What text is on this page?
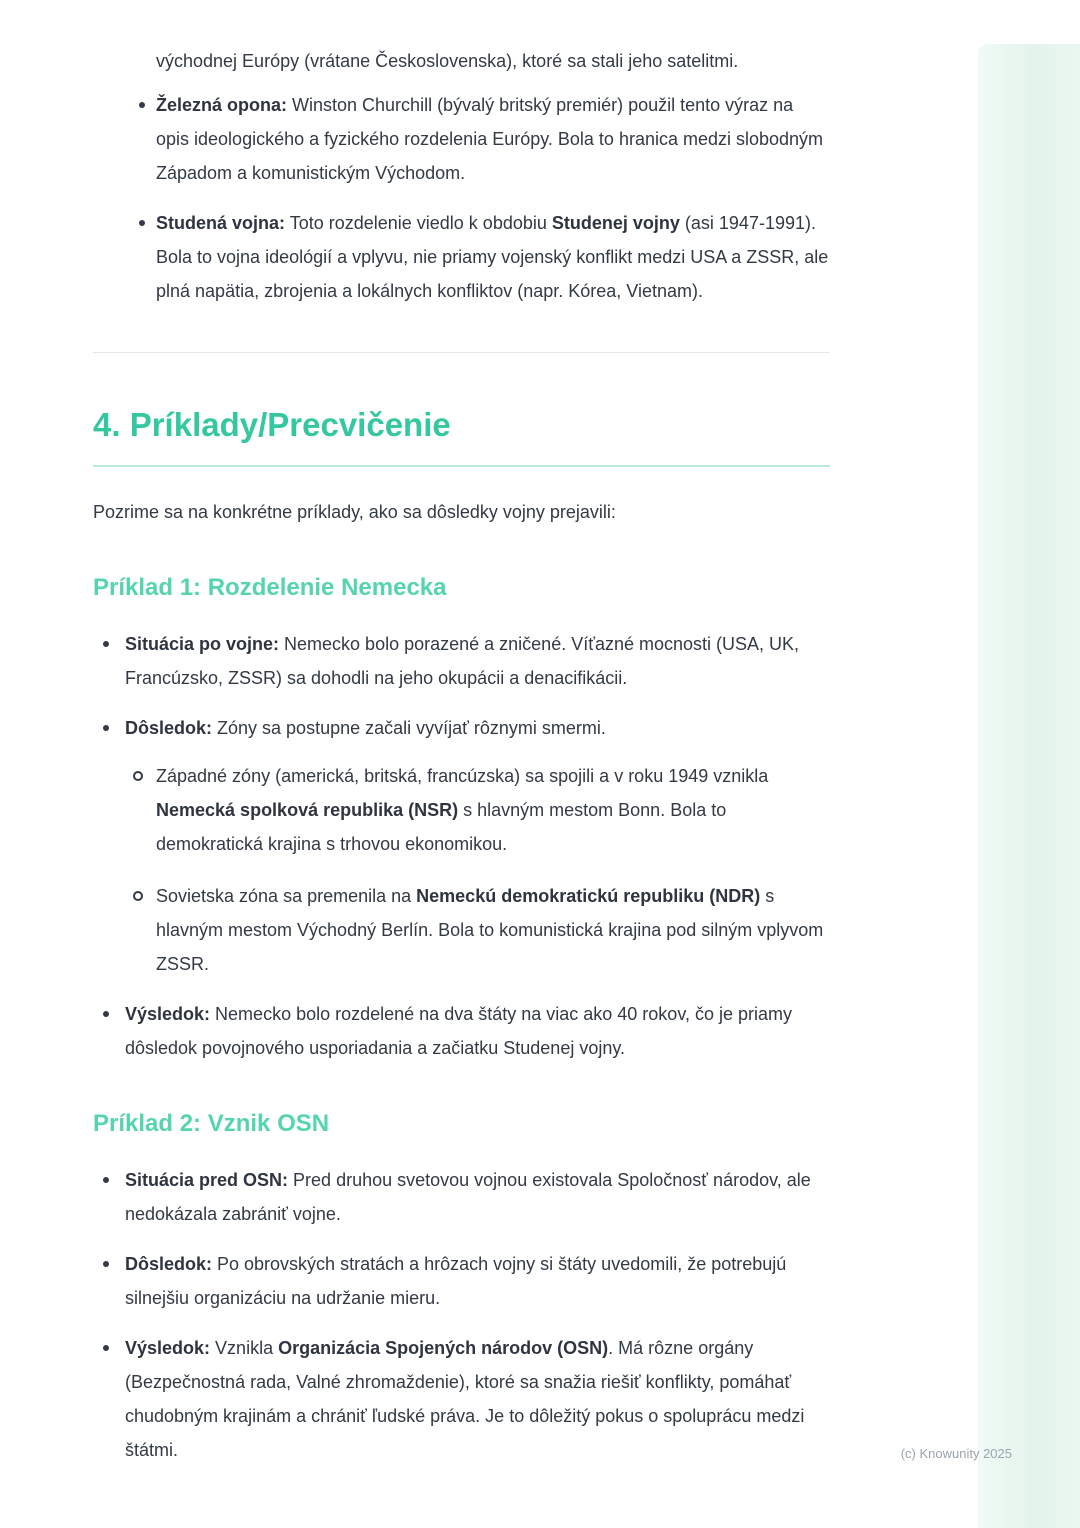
východnej Európy (vrátane Československa), ktoré sa stali jeho satelitmi.

Železná opona: Winston Churchill (bývalý britský premiér) použil tento výraz na opis ideologického a fyzického rozdelenia Európy. Bola to hranica medzi slobodným Západom a komunistickým Východom.
Studená vojna: Toto rozdelenie viedlo k obdobiu Studenej vojny (asi 1947-1991). Bola to vojna ideológií a vplyvu, nie priamy vojenský konflikt medzi USA a ZSSR, ale plná napätia, zbrojenia a lokálnych konfliktov (napr. Kórea, Vietnam).
4. Príklady/Precvičenie

Pozrime sa na konkrétne príklady, ako sa dôsledky vojny prejavili:

Príklad 1: Rozdelenie Nemecka
Situácia po vojne: Nemecko bolo porazené a zničené. Víťazné mocnosti (USA, UK, Francúzsko, ZSSR) sa dohodli na jeho okupácii a denacifikácii.
Dôsledok: Zóny sa postupne začali vyvíjať rôznymi smermi.
Západné zóny (americká, britská, francúzska) sa spojili a v roku 1949 vznikla Nemecká spolková republika (NSR) s hlavným mestom Bonn. Bola to demokratická krajina s trhovou ekonomikou.
Sovietska zóna sa premenila na Nemeckú demokratickú republiku (NDR) s hlavným mestom Východný Berlín. Bola to komunistická krajina pod silným vplyvom ZSSR.
Výsledok: Nemecko bolo rozdelené na dva štáty na viac ako 40 rokov, čo je priamy dôsledok povojnového usporiadania a začiatku Studenej vojny.
Príklad 2: Vznik OSN
Situácia pred OSN: Pred druhou svetovou vojnou existovala Spoločnosť národov, ale nedokázala zabrániť vojne.
Dôsledok: Po obrovských stratách a hrôzach vojny si štáty uvedomili, že potrebujú silnejšiu organizáciu na udržanie mieru.
Výsledok: Vznikla Organizácia Spojených národov (OSN). Má rôzne orgány (Bezpečnostná rada, Valné zhromaždenie), ktoré sa snažia riešiť konflikty, pomáhať chudobným krajinám a chrániť ľudské práva. Je to dôležitý pokus o spoluprácu medzi štátmi.	(c) Knowunity 2025
